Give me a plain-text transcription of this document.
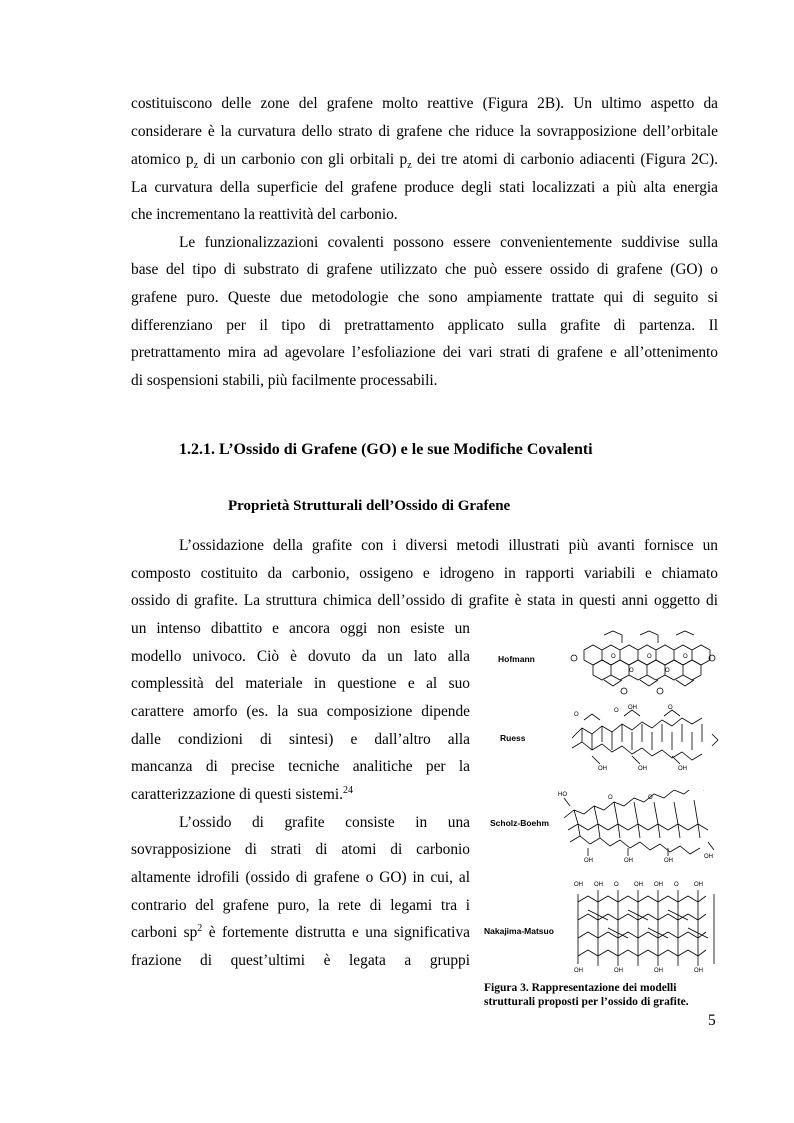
costituiscono delle zone del grafene molto reattive (Figura 2B). Un ultimo aspetto da
considerare è la curvatura dello strato di grafene che riduce la sovrapposizione dell’orbitale
atomico $p_z$ di un carbonio con gli orbitali $p_z$ dei tre atomi di carbonio adiacenti (Figura 2C).
La curvatura della superficie del grafene produce degli stati localizzati a più alta energia
che incrementano la reattività del carbonio.
Le funzionalizzazioni covalenti possono essere convenientemente suddivise sulla
base del tipo di substrato di grafene utilizzato che può essere ossido di grafene (GO) o
grafene puro. Queste due metodologie che sono ampiamente trattate qui di seguito si
differenziano per il tipo di pretrattamento applicato sulla grafite di partenza. Il
pretrattamento mira ad agevolare l’esfoliazione dei vari strati di grafene e all’ottenimento
di sospensioni stabili, più facilmente processabili.
1.2.1. L’Ossido di Grafene (GO) e le sue Modifiche Covalenti
Proprietà Strutturali dell’Ossido di Grafene
L’ossidazione della grafite con i diversi metodi illustrati più avanti fornisce un
composto costituito da carbonio, ossigeno e idrogeno in rapporti variabili e chiamato
ossido di grafite. La struttura chimica dell’ossido di grafite è stata in questi anni oggetto di
un intenso dibattito e ancora oggi non esiste un
modello univoco. Ciò è dovuto da un lato alla
complessità del materiale in questione e al suo
carattere amorfo (es. la sua composizione dipende
dalle condizioni di sintesi) e dall’altro alla
mancanza di precise tecniche analitiche per la
caratterizzazione di questi sistemi.$^{24}$
L’ossido di grafite consiste in una
sovrapposizione di strati di atomi di carbonio
altamente idrofili (ossido di grafene o GO) in cui, al
contrario del grafene puro, la rete di legami tra i
carboni $sp^2$ è fortemente distrutta e una significativa
frazione di quest’ultimi è legata a gruppi
Hofmann
Ruess
Scholz-Boehm
Nakajima-Matsuo
O	O	O
O	O
O
O OH	O
OH	OH	OH
HO	O	O
OH	OH	OH
OH
OH OH O	OH OH O	OH
OH	OH	OH	OH
Figura 3. Rappresentazione dei modelli
strutturali proposti per l’ossido di grafite.
5
